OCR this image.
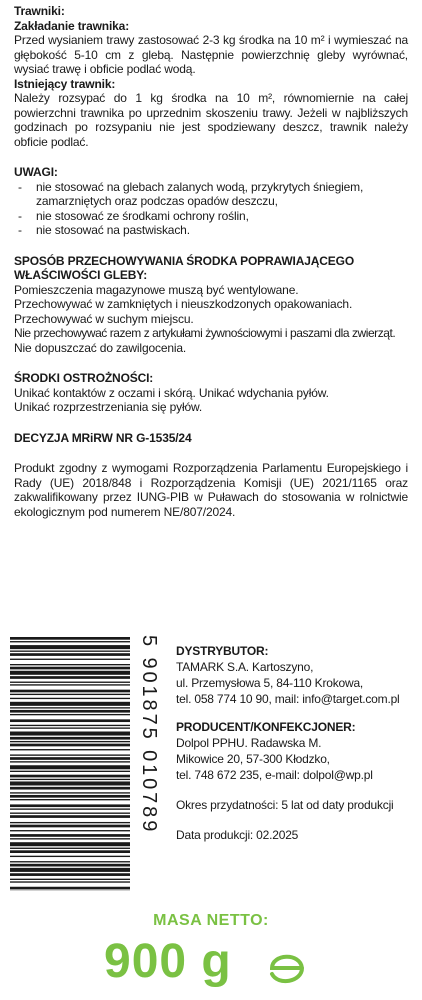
Trawniki:

Zakładanie trawnika:

Przed wysianiem trawy zastosować 2-3 kg środka na 10 m² i wymieszać na głębokość 5-10 cm z glebą. Następnie powierzchnię gleby wyrównać, wysiać trawę i obficie podlać wodą.

Istniejący trawnik:

Należy rozsypać do 1 kg środka na 10 m², równomiernie na całej powierzchni trawnika po uprzednim skoszeniu trawy. Jeżeli w najbliższych godzinach po rozsypaniu nie jest spodziewany deszcz, trawnik należy obficie podlać.

UWAGI:

- nie stosować na glebach zalanych wodą, przykrytych śniegiem,
zamarzniętych oraz podczas opadów deszczu,
- nie stosować ze środkami ochrony roślin,
- nie stosować na pastwiskach.

SPOSÓB PRZECHOWYWANIA ŚRODKA POPRAWIAJĄCEGO

WŁAŚCIWOŚCI GLEBY:

Pomieszczenia magazynowe muszą być wentylowane.

Przechowywać w zamkniętych i nieuszkodzonych opakowaniach.

Przechowywać w suchym miejscu.

Nie przechowywać razem z artykułami żywnościowymi i paszami dla zwierząt.

Nie dopuszczać do zawilgocenia.

ŚRODKI OSTROŻNOŚCI:

Unikać kontaktów z oczami i skórą. Unikać wdychania pyłów.

Unikać rozprzestrzeniania się pyłów.

DECYZJA MRiRW NR G-1535/24

Produkt zgodny z wymogami Rozporządzenia Parlamentu Europejskiego i Rady (UE) 2018/848 i Rozporządzenia Komisji (UE) 2021/1165 oraz zakwalifikowany przez IUNG-PIB w Puławach do stosowania w rolnictwie ekologicznym pod numerem NE/807/2024.

5 901875 010789 DYSTRYBUTOR:

TAMARK S.A. Kartoszyno,

ul. Przemysłowa 5, 84-110 Krokowa,

tel. 058 774 10 90, mail: info@target.com.pl

PRODUCENT/KONFEKCJONER:

Dolpol PPHU. Radawska M.

Mikowice 20, 57-300 Kłodzko,

tel. 748 672 235, e-mail: dolpol@wp.pl

Okres przydatności: 5 lat od daty produkcji

Data produkcji: 02.2025

MASA NETTO:
900 g
